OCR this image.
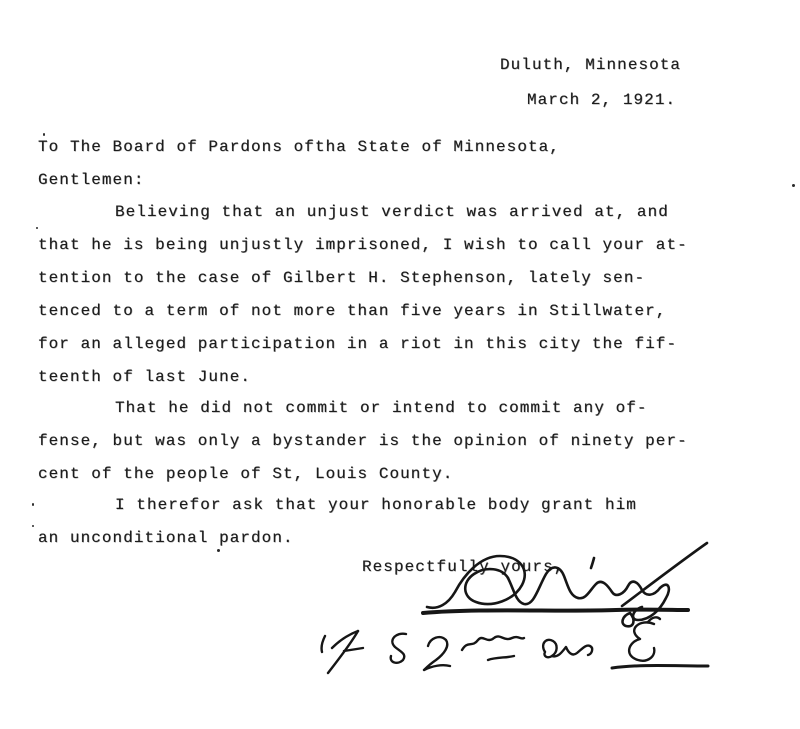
Duluth, Minnesota
March 2, 1921.
To The Board of Pardons oftha State of Minnesota,
Gentlemen:
Believing that an unjust verdict was arrived at, and
that he is being unjustly imprisoned, I wish to call your at-
tention to the case of Gilbert H. Stephenson, lately sen-
tenced to a term of not more than five years in Stillwater,
for an alleged participation in a riot in this city the fif-
teenth of last June.
That he did not commit or intend to commit any of-
fense, but was only a bystander is the opinion of ninety per-
cent of the people of St, Louis County.
I therefor ask that your honorable body grant him
an unconditional pardon.
Respectfully yours,
